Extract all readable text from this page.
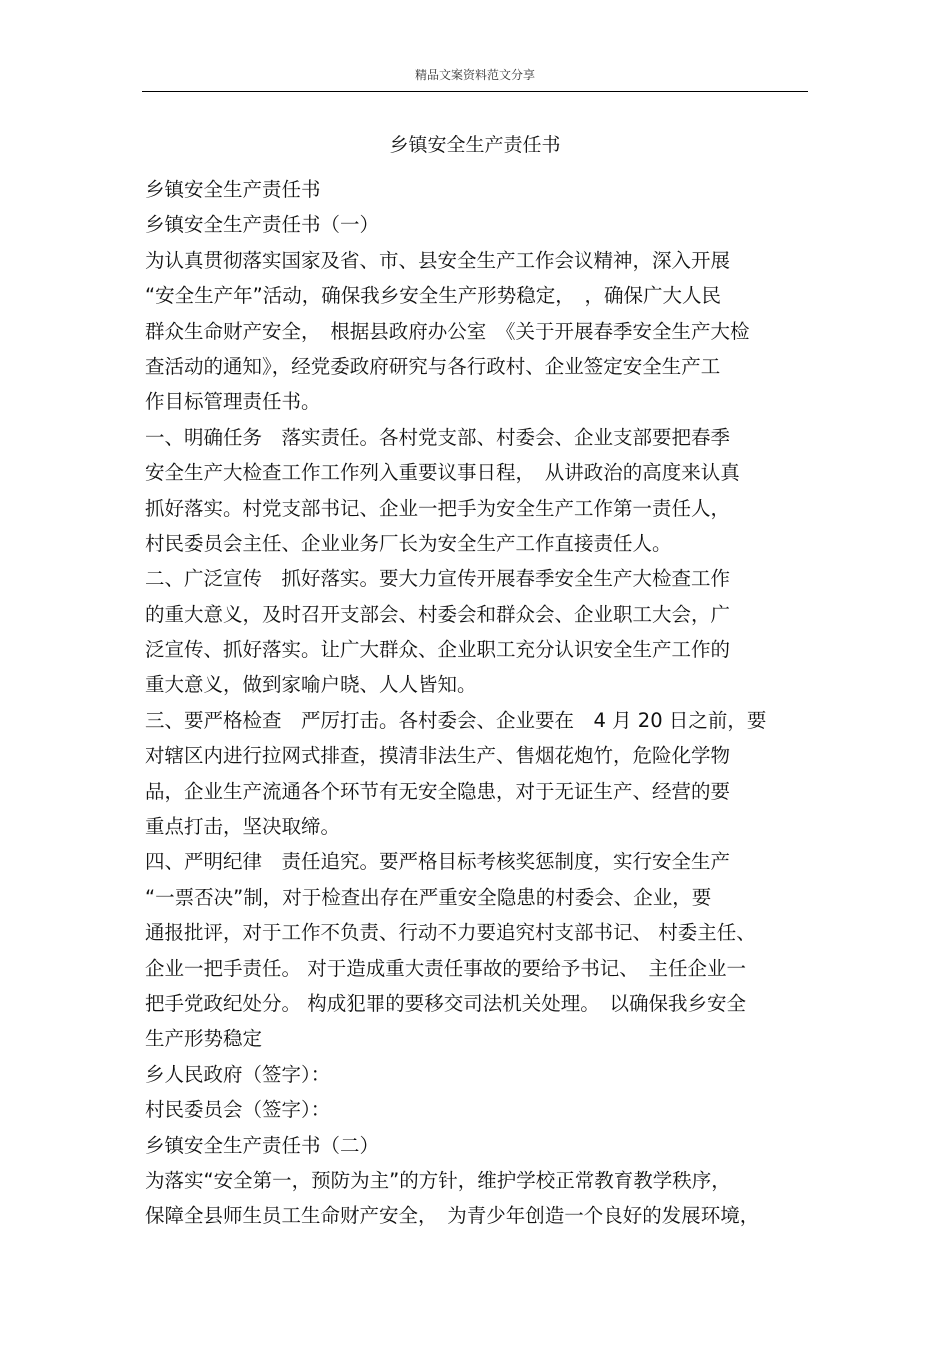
精品文案资料范文分享
乡镇安全生产责任书
乡镇安全生产责任书
乡镇安全生产责任书（一）
为认真贯彻落实国家及省、市、县安全生产工作会议精神，深入开展
“安全生产年”活动，确保我乡安全生产形势稳定，　，确保广大人民
群众生命财产安全，　根据县政府办公室　《关于开展春季安全生产大检
查活动的通知》，经党委政府研究与各行政村、企业签定安全生产工
作目标管理责任书。
一、明确任务　落实责任。各村党支部、村委会、企业支部要把春季
安全生产大检查工作工作列入重要议事日程，　从讲政治的高度来认真
抓好落实。村党支部书记、企业一把手为安全生产工作第一责任人，
村民委员会主任、企业业务厂长为安全生产工作直接责任人。
二、广泛宣传　抓好落实。要大力宣传开展春季安全生产大检查工作
的重大意义，及时召开支部会、村委会和群众会、企业职工大会，广
泛宣传、抓好落实。让广大群众、企业职工充分认识安全生产工作的
重大意义，做到家喻户晓、人人皆知。
三、要严格检查　严厉打击。各村委会、企业要在　4 月 20 日之前，要
对辖区内进行拉网式排查，摸清非法生产、售烟花炮竹，危险化学物
品，企业生产流通各个环节有无安全隐患，对于无证生产、经营的要
重点打击，坚决取缔。
四、严明纪律　责任追究。要严格目标考核奖惩制度，实行安全生产
“一票否决”制，对于检查出存在严重安全隐患的村委会、企业，要
通报批评，对于工作不负责、行动不力要追究村支部书记、 村委主任、
企业一把手责任。 对于造成重大责任事故的要给予书记、　主任企业一
把手党政纪处分。 构成犯罪的要移交司法机关处理。　以确保我乡安全
生产形势稳定
乡人民政府（签字）：
村民委员会（签字）：
乡镇安全生产责任书（二）
为落实“安全第一，预防为主”的方针，维护学校正常教育教学秩序，
保障全县师生员工生命财产安全，　为青少年创造一个良好的发展环境，
